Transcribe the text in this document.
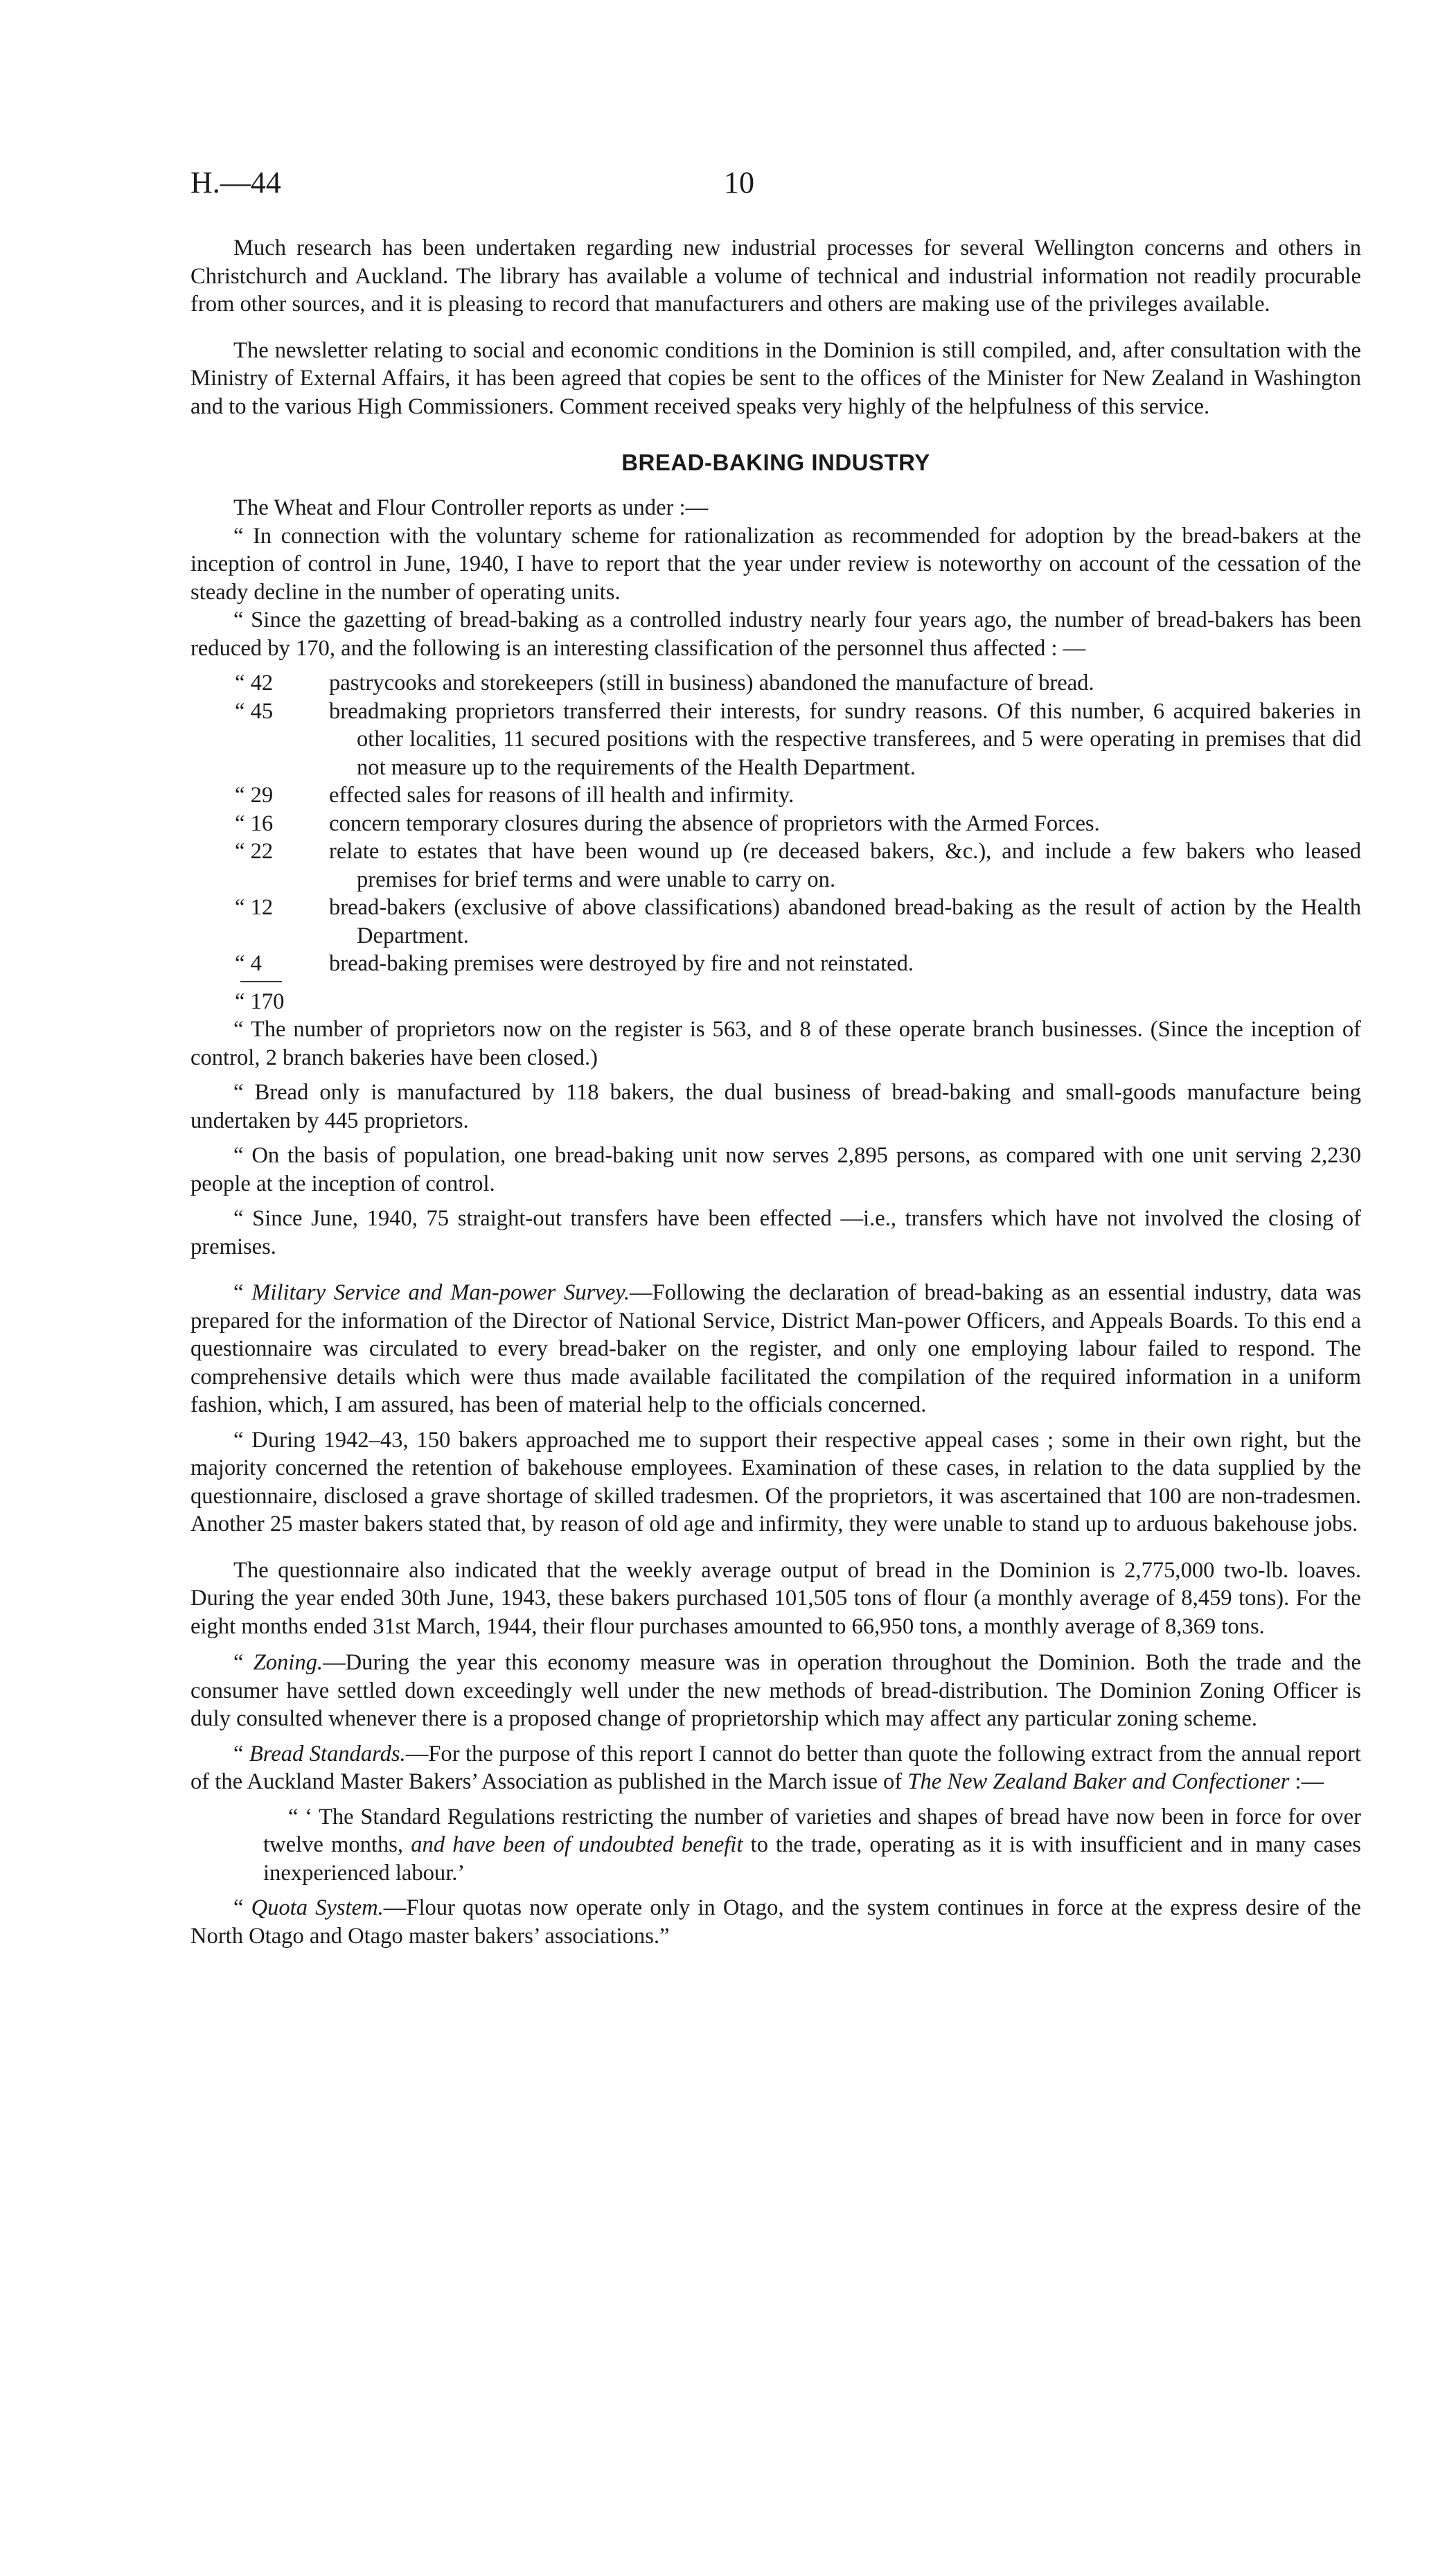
H.—44	10

Much research has been undertaken regarding new industrial processes for several Wellington concerns and others in Christchurch and Auckland. The library has available a volume of technical and industrial information not readily procurable from other sources, and it is pleasing to record that manufacturers and others are making use of the privileges available.

The newsletter relating to social and economic conditions in the Dominion is still compiled, and, after consultation with the Ministry of External Affairs, it has been agreed that copies be sent to the offices of the Minister for New Zealand in Washington and to the various High Commissioners. Comment received speaks very highly of the helpfulness of this service.

BREAD-BAKING INDUSTRY

The Wheat and Flour Controller reports as under :—

“ In connection with the voluntary scheme for rationalization as recommended for adoption by the bread-bakers at the inception of control in June, 1940, I have to report that the year under review is noteworthy on account of the cessation of the steady decline in the number of operating units.

“ Since the gazetting of bread-baking as a controlled industry nearly four years ago, the number of bread-bakers has been reduced by 170, and the following is an interesting classification of the personnel thus affected : —

“ 42	pastrycooks and storekeepers (still in business) abandoned the manufacture of bread.
“ 45	breadmaking proprietors transferred their interests, for sundry reasons. Of this number, 6 acquired bakeries in other localities, 11 secured positions with the respective transferees, and 5 were operating in premises that did not measure up to the requirements of the Health Department.
“ 29	effected sales for reasons of ill health and infirmity.
“ 16	concern temporary closures during the absence of proprietors with the Armed Forces.
“ 22	relate to estates that have been wound up (re deceased bakers, &c.), and include a few bakers who leased premises for brief terms and were unable to carry on.
“ 12	bread-bakers (exclusive of above classifications) abandoned bread-baking as the result of action by the Health Department.
“ 4	bread-baking premises were destroyed by fire and not reinstated.
“ 170

“ The number of proprietors now on the register is 563, and 8 of these operate branch businesses. (Since the inception of control, 2 branch bakeries have been closed.)

“ Bread only is manufactured by 118 bakers, the dual business of bread-baking and small-goods manufacture being undertaken by 445 proprietors.

“ On the basis of population, one bread-baking unit now serves 2,895 persons, as compared with one unit serving 2,230 people at the inception of control.

“ Since June, 1940, 75 straight-out transfers have been effected —i.e., transfers which have not involved the closing of premises.

“ Military Service and Man-power Survey.—Following the declaration of bread-baking as an essential industry, data was prepared for the information of the Director of National Service, District Man-power Officers, and Appeals Boards. To this end a questionnaire was circulated to every bread-baker on the register, and only one employing labour failed to respond. The comprehensive details which were thus made available facilitated the compilation of the required information in a uniform fashion, which, I am assured, has been of material help to the officials concerned.

“ During 1942–43, 150 bakers approached me to support their respective appeal cases ; some in their own right, but the majority concerned the retention of bakehouse employees. Examination of these cases, in relation to the data supplied by the questionnaire, disclosed a grave shortage of skilled tradesmen. Of the proprietors, it was ascertained that 100 are non-tradesmen. Another 25 master bakers stated that, by reason of old age and infirmity, they were unable to stand up to arduous bakehouse jobs.

The questionnaire also indicated that the weekly average output of bread in the Dominion is 2,775,000 two-lb. loaves. During the year ended 30th June, 1943, these bakers purchased 101,505 tons of flour (a monthly average of 8,459 tons). For the eight months ended 31st March, 1944, their flour purchases amounted to 66,950 tons, a monthly average of 8,369 tons.

“ Zoning.—During the year this economy measure was in operation throughout the Dominion. Both the trade and the consumer have settled down exceedingly well under the new methods of bread-distribution. The Dominion Zoning Officer is duly consulted whenever there is a proposed change of proprietorship which may affect any particular zoning scheme.

“ Bread Standards.—For the purpose of this report I cannot do better than quote the following extract from the annual report of the Auckland Master Bakers’ Association as published in the March issue of The New Zealand Baker and Confectioner :—

“ ‘ The Standard Regulations restricting the number of varieties and shapes of bread have now been in force for over twelve months, and have been of undoubted benefit to the trade, operating as it is with insufficient and in many cases inexperienced labour.’

“ Quota System.—Flour quotas now operate only in Otago, and the system continues in force at the express desire of the North Otago and Otago master bakers’ associations.”
